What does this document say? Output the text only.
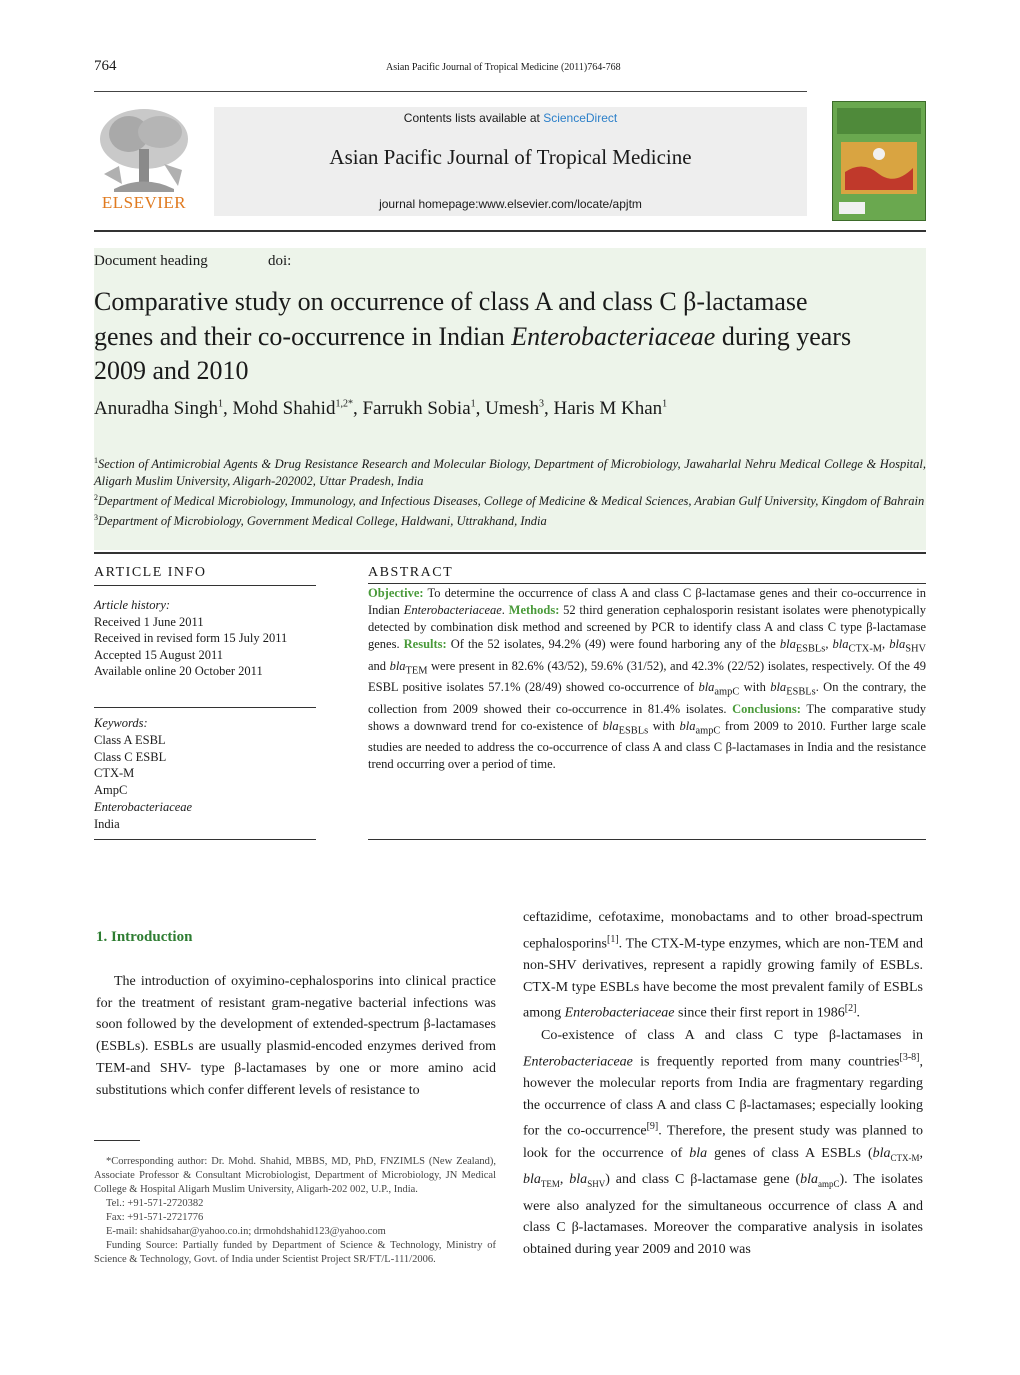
764	Asian Pacific Journal of Tropical Medicine (2011)764-768
ELSEVIER
Contents lists available at ScienceDirect
Asian Pacific Journal of Tropical Medicine
journal homepage:www.elsevier.com/locate/apjtm
Document heading	doi:
Comparative study on occurrence of class A and class C β-lactamase
genes and their co-occurrence in Indian Enterobacteriaceae during years
2009 and 2010
Anuradha Singh$^1$, Mohd Shahid$^{1,2*}$, Farrukh Sobia$^1$, Umesh$^3$, Haris M Khan$^1$
$^1$Section of Antimicrobial Agents & Drug Resistance Research and Molecular Biology, Department of Microbiology, Jawaharlal Nehru Medical College & Hospital, Aligarh Muslim University, Aligarh-202002, Uttar Pradesh, India
$^2$Department of Medical Microbiology, Immunology, and Infectious Diseases, College of Medicine & Medical Sciences, Arabian Gulf University, Kingdom of Bahrain
$^3$Department of Microbiology, Government Medical College, Haldwani, Uttrakhand, India
ARTICLE INFO
Article history:
Received 1 June 2011
Received in revised form 15 July 2011
Accepted 15 August 2011
Available online 20 October 2011
Keywords:
Class A ESBL
Class C ESBL
CTX-M
AmpC
Enterobacteriaceae
India
ABSTRACT
Objective: To determine the occurrence of class A and class C β-lactamase genes and their co-occurrence in Indian Enterobacteriaceae. Methods: 52 third generation cephalosporin resistant isolates were phenotypically detected by combination disk method and screened by PCR to identify class A and class C type β-lactamase genes. Results: Of the 52 isolates, 94.2% (49) were found harboring any of the bla$_{ESBLs}$, bla$_{CTX-M}$, bla$_{SHV}$ and bla$_{TEM}$ were present in 82.6% (43/52), 59.6% (31/52), and 42.3% (22/52) isolates, respectively. Of the 49 ESBL positive isolates 57.1% (28/49) showed co-occurrence of bla$_{ampC}$ with bla$_{ESBLs}$. On the contrary, the collection from 2009 showed their co-occurrence in 81.4% isolates. Conclusions: The comparative study shows a downward trend for co-existence of bla$_{ESBLs}$ with bla$_{ampC}$ from 2009 to 2010. Further large scale studies are needed to address the co-occurrence of class A and class C β-lactamases in India and the resistance trend occurring over a period of time.
1. Introduction

The introduction of oxyimino-cephalosporins into clinical practice for the treatment of resistant gram-negative bacterial infections was soon followed by the development of extended-spectrum β-lactamases (ESBLs). ESBLs are usually plasmid-encoded enzymes derived from TEM-and SHV- type β-lactamases by one or more amino acid substitutions which confer different levels of resistance to

ceftazidime, cefotaxime, monobactams and to other broad-spectrum cephalosporins[1]. The CTX-M-type enzymes, which are non-TEM and non-SHV derivatives, represent a rapidly growing family of ESBLs. CTX-M type ESBLs have become the most prevalent family of ESBLs among Enterobacteriaceae since their first report in 1986[2].

Co-existence of class A and class C type β-lactamases in Enterobacteriaceae is frequently reported from many countries[3-8], however the molecular reports from India are fragmentary regarding the occurrence of class A and class C β-lactamases; especially looking for the co-occurrence[9]. Therefore, the present study was planned to look for the occurrence of bla genes of class A ESBLs (bla$_{CTX-M}$, bla$_{TEM}$, bla$_{SHV}$) and class C β-lactamase gene (bla$_{ampC}$). The isolates were also analyzed for the simultaneous occurrence of class A and class C β-lactamases. Moreover the comparative analysis in isolates obtained during year 2009 and 2010 was

*Corresponding author: Dr. Mohd. Shahid, MBBS, MD, PhD, FNZIMLS (New Zealand), Associate Professor & Consultant Microbiologist, Department of Microbiology, JN Medical College & Hospital Aligarh Muslim University, Aligarh-202 002, U.P., India.

Tel.: +91-571-2720382

Fax: +91-571-2721776

E-mail: shahidsahar@yahoo.co.in; drmohdshahid123@yahoo.com

Funding Source: Partially funded by Department of Science & Technology, Ministry of Science & Technology, Govt. of India under Scientist Project SR/FT/L-111/2006.
